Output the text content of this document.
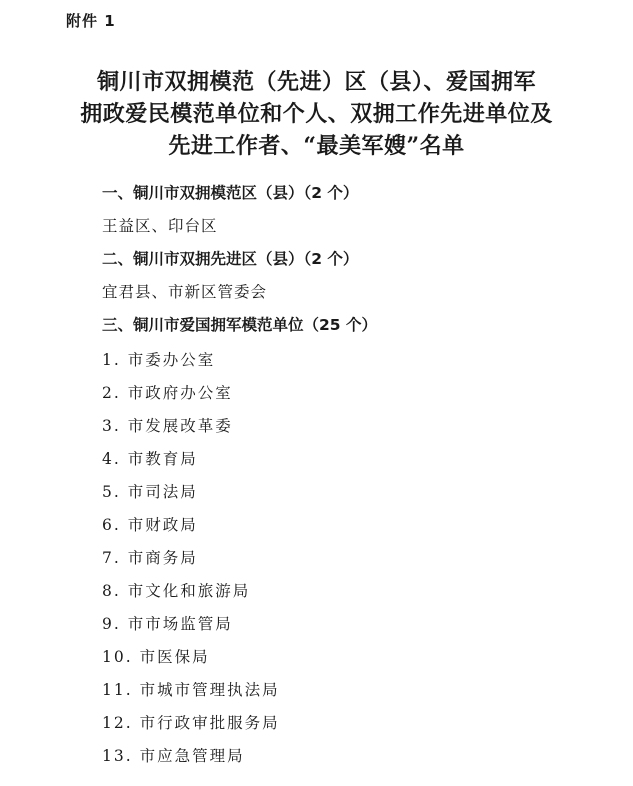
附件 1
铜川市双拥模范（先进）区（县）、爱国拥军
拥政爱民模范单位和个人、双拥工作先进单位及
先进工作者、“最美军嫂”名单
一、铜川市双拥模范区（县）（2 个）
王益区、印台区
二、铜川市双拥先进区（县）（2 个）
宜君县、市新区管委会
三、铜川市爱国拥军模范单位（25 个）
1. 市委办公室
2. 市政府办公室
3. 市发展改革委
4. 市教育局
5. 市司法局
6. 市财政局
7. 市商务局
8. 市文化和旅游局
9. 市市场监管局
10. 市医保局
11. 市城市管理执法局
12. 市行政审批服务局
13. 市应急管理局
